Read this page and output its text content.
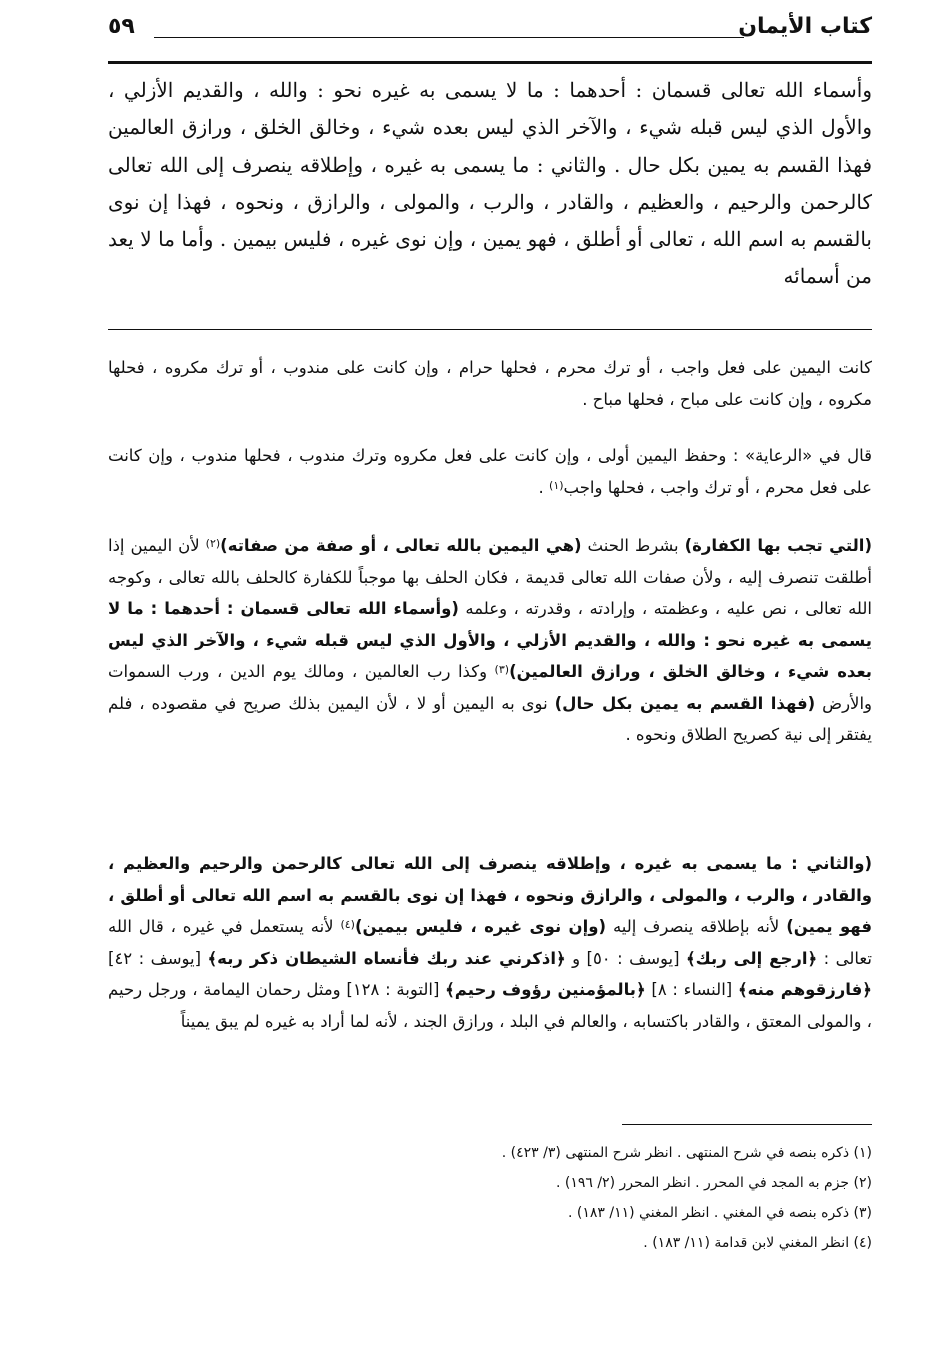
كتاب الأيمان
٥٩

وأسماء الله تعالى قسمان : أحدهما : ما لا يسمى به غيره نحو : والله ، والقديم الأزلي ، والأول الذي ليس قبله شيء ، والآخر الذي ليس بعده شيء ، وخالق الخلق ، ورازق العالمين فهذا القسم به يمين بكل حال . والثاني : ما يسمى به غيره ، وإطلاقه ينصرف إلى الله تعالى كالرحمن والرحيم ، والعظيم ، والقادر ، والرب ، والمولى ، والرازق ، ونحوه ، فهذا إن نوى بالقسم به اسم الله ، تعالى أو أطلق ، فهو يمين ، وإن نوى غيره ، فليس بيمين . وأما ما لا يعد من أسمائه

كانت اليمين على فعل واجب ، أو ترك محرم ، فحلها حرام ، وإن كانت على مندوب ، أو ترك مكروه ، فحلها مكروه ، وإن كانت على مباح ، فحلها مباح .

قال في «الرعاية» : وحفظ اليمين أولى ، وإن كانت على فعل مكروه وترك مندوب ، فحلها مندوب ، وإن كانت على فعل محرم ، أو ترك واجب ، فحلها واجب$^{(١)}$ .

(التي تجب بها الكفارة) بشرط الحنث (هي اليمين بالله تعالى ، أو صفة من صفاته)$^{(٢)}$ لأن اليمين إذا أطلقت تنصرف إليه ، ولأن صفات الله تعالى قديمة ، فكان الحلف بها موجباً للكفارة كالحلف بالله تعالى ، وكوجه الله تعالى ، نص عليه ، وعظمته ، وإرادته ، وقدرته ، وعلمه (وأسماء الله تعالى قسمان : أحدهما : ما لا يسمى به غيره نحو : والله ، والقديم الأزلي ، والأول الذي ليس قبله شيء ، والآخر الذي ليس بعده شيء ، وخالق الخلق ، ورازق العالمين)$^{(٣)}$ وكذا رب العالمين ، ومالك يوم الدين ، ورب السموات والأرض (فهذا القسم به يمين بكل حال) نوى به اليمين أو لا ، لأن اليمين بذلك صريح في مقصوده ، فلم يفتقر إلى نية كصريح الطلاق ونحوه .

(والثاني : ما يسمى به غيره ، وإطلاقه ينصرف إلى الله تعالى كالرحمن والرحيم والعظيم ، والقادر ، والرب ، والمولى ، والرازق ونحوه ، فهذا إن نوى بالقسم به اسم الله تعالى أو أطلق ، فهو يمين) لأنه بإطلاقه ينصرف إليه (وإن نوى غيره ، فليس بيمين)$^{(٤)}$ لأنه يستعمل في غيره ، قال الله تعالى : ﴿ارجع إلى ربك﴾ [يوسف : ٥٠] و ﴿اذكرني عند ربك فأنساه الشيطان ذكر ربه﴾ [يوسف : ٤٢] ﴿فارزقوهم منه﴾ [النساء : ٨] ﴿بالمؤمنين رؤوف رحيم﴾ [التوبة : ١٢٨] ومثل رحمان اليمامة ، ورجل رحيم ، والمولى المعتق ، والقادر باكتسابه ، والعالم في البلد ، ورازق الجند ، لأنه لما أراد به غيره لم يبق يميناً

(١) ذكره بنصه في شرح المنتهى . انظر شرح المنتهى (٣/ ٤٢٣) .
(٢) جزم به المجد في المحرر . انظر المحرر (٢/ ١٩٦) .
(٣) ذكره بنصه في المغني . انظر المغني (١١/ ١٨٣) .
(٤) انظر المغني لابن قدامة (١١/ ١٨٣) .
